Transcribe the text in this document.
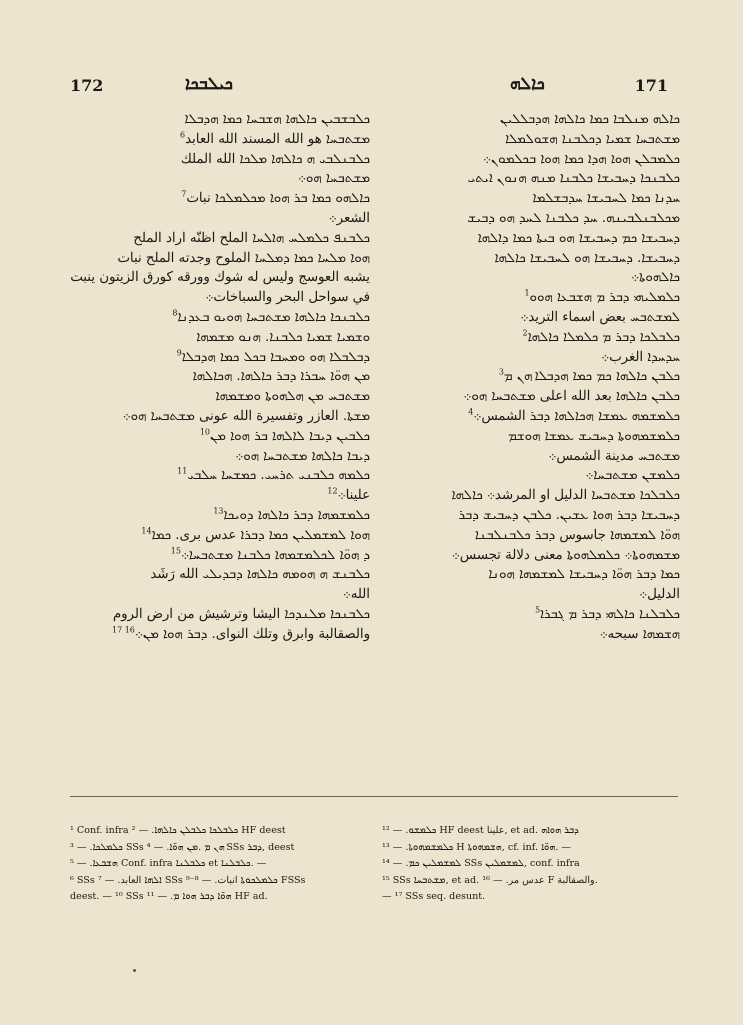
172	ܟܝܠܒܟܐ	ܟܐܠܗ	171
ܟܠܒܫܒܝܢ ܟܐܠܗܐ ܗܫܒܚܐ ܟܡܐ ܗܕܒܠܐ
ܡܫܬܒܚܐ هو الله المسند الله العابد$^6$
ܟܠܒܢܠܒܝ ܗ ܟܐܠܗܐ ܡܠܟܐ الله الملك
ܡܫܬܒܚܐ ܗܘ܀
ܟܐܠܗܘ ܟܡܐ ܒܪ ܗܘܐ ܡܟܠܡܠܟܐ نبات$^7$
الشعر܀
ܟܠܒܢܦ ܟܠܡܠܚ ܗܐܠܚܐ الملح اظنّه اراد الملح
ܗܘܐ ܡܠܚܐ ܟܡܐ ܕܡܠܚܐ الملوح وجدته الملح نبات
يشبه العوسج وليس له شوك وورقه كورق الزيتون ينبت
في سواحل البحر والسباخات܀
ܟܠܒܢܟܐ ܟܐܠܗܐ ܡܫܬܒܚܐ ܗܘܝܘ ܒܥܕܢܐ$^8$
ܘܫܡܝܐ ܫܡܝܐ ܟܠܒܢܐ. ܗܢܘ ܡܫܡܗܐ
ܕܒܠܒܠܐ ܗܘ ܘܡܚܒܐ ܒܟܠ ܟܡܐ ܗܕܒܠܐ$^9$
ܡܢ ܗܘ̈ܐ ܚܒܪܐ ܕܒܪ ܟܐܠܗܐ. ܗܟܐܠܗܐ
ܡܫܬܒܚ ܡܢ ܗܠܗܘܬܐ ܘܡܫܡܗܐ
ܡܫܬܐ. العازر وتفسيرة الله عونى ܡܫܬܒܚܐ ܗܘ܀
ܟܠܒܝܢ ܕܝܒܐ ܠܐܠܗܐ ܒܪ ܗܘܐ ܡܢ$^{10}$
ܕܝܒܐ ܟܐܠܗܐ ܡܫܬܒܚܐ ܗܘ܀
ܟܠܡܗ ܟܠܒܢܝ ܬܪܚܝ. ܟܡܫܚܐ ܚܠܒܝ$^{11}$
علينا܀$^{12}$
ܟܠܡܫܡܗܐ ܕܒܪ ܟܐܠܗܐ ܕܘܝܟܐ$^{13}$
ܗܘܐ ܠܡܫܡܠܝܢ ܟܡܐ ܕܒܪܐ عدس برى. ܟܡܐ$^{14}$
ܕ ܗܘ̈ܐ ܠܟܠܡܫܡܗܐ ܟܠܒܢܐ ܡܫܬܒܚܐ܀$^{15}$
ܟܠܒܢܫ ܗ ܗܘܡܗ ܟܐܠܗܐ ܕܒܕܝܠܝ الله رَشَد
الله܀
ܟܠܒܢܟܐ ܡܠܢܕܟܐ اليشا وترشيش من ارض الروم
والصقالبة وابرق وتلك النواى. ܕܒܪ ܗܘܐ ܡܢ܀$^{16 17}$
ܟܐܠܗ ܡܢܠܒܐ ܟܡܐ ܟܐܠܗܐ ܗܕܒܠܠܝܢ
ܡܫܬܒܚܐ ܫܡܝܐ ܕܟܠܒܢܐ ܗܫܘܠܡܠܐ
ܟܠܡܒܠܢ ܗܘܐ ܗܕܐ ܟܡܐ ܗܘܐ ܒܟܠܡܘܢ܀
ܟܠܒܢܟܐ ܕܚܒܝܫܐ ܟܠܒܢܐ ܡܢܗ ܗܢܘܢ ܐܝܬܝ
ܚܕܢܐ ܟܡܐ ܠܚܒܝܫܐ ܚܕܒܫܠܡܐ
ܡܟܠܒܢܠܒܝܢܗ. ܚܕ ܟܠܒܢܐ ܠܚܕ ܗܘ ܕܒܝܫ
ܕܚܒܝܫܐ ܟܡ ܕܚܒܝܫܐ ܗܘ ܒܝܬܐ ܟܡܐ ܕܐܠܗܐ
ܕܚܒܝܫܐ. ܕܚܒܝܫܐ ܗܘ ܠܚܒܝܫܐ ܟܐܠܗܐ
ܟܐܠܗܘܬܐ܀
ܟܠܡܠܝܗܝ ܕܒܪ ܡ ܗܫܒܥܐ ܗܘܘ$^1$
ܠܡܫܬܒܚ بعض اسماء التريد܀
ܟܠܒܠܟܐ ܕܒܪ ܡ ܟܠܡܠܐ ܟܐܠܗܐ$^2$
ܚܕܚܕܐ الغرب܀
ܟܠܒܢ ܟܐܠܗܐ ܟܡ ܟܡܐ ܗܕܒܠܐ ܗܢ ܡ$^3$
ܟܠܒܢ ܟܐܠܗܐ بعد الله اعلى ܡܫܬܒܚܐ ܗܘ܀
ܟܠܡܫܡܗ ܥܡܫܐ ܗܟܐܠܗܐ ܕܒܪ الشمس܀$^4$
ܟܠܡܫܡܗܘܬܐ ܕܚܒܝܫ ܥܡܫܐ ܗܘܫܡ
ܡܫܬܒܚ مدينة الشمس܀
ܟܠܡܫܢ ܡܫܬܒܚܐ܀
ܟܠܒܠܟܐ ܡܫܬܒܚܐ الدليل او المرشد܀ ܟܐܠܗܐ
ܕܚܒܝܫܐ ܕܒܪ ܗܘܐ ܥܫܝܢ. ܟܠܒܢ ܕܚܒܝܫ ܕܒܪ
ܗܘ̈ܐ ܠܡܫܡܗܐ جاسوس ܕܒܪ ܟܠܒܢܠܒܢܐ
ܡܫܡܗܘܬܐ܀ ܟܠܡܠܗܘܬܐ معنى دلالة تجسس܀
ܟܡܐ ܕܒܪ ܗܘ̈ܐ ܕܚܒܝܫܐ ܠܡܫܡܗܐ ܗܘܢܐ
الدليل܀
ܟܠܒܠܢܐ ܟܐܠܗܝ ܕܒܪ ܡ ܓܒܪܐ$^5$
ܗܫܡܗܐ سبحه܀
¹ Conf. infra ܟܠܒܠܟܐ ܟܠܒܠܢ ܟܐܠܗܐ. — ² HF deest
ܟܠܡܠܟܐ. — ³ SSs ܗܢ ܡ .ܡܢ ܗܘ̈ܐ. — ⁴ SSs ܕܒܪ, deest
ܗܫܒܥܐ. — ⁵ Conf. infra ܟܠܒܠܢܐ et ܟܠܒܠܢܐ. —
⁶ SSs ܐܠܗܐ العابد. — ⁷ SSs ܟܠܡܠܟܘܬܐ انبات. — ⁸⁻⁹ FSSs
deest. — ¹⁰ SSs ܗܘ̈ܐ ܕܒܪ ܗܘܐ ܡ. — ¹¹ HF ad.
ܟܠܡܫܘ. — ¹² HF deest علينا, et ad. ܕܒܪ ܗܘܐܗ
ܟܠܡܫܡܗܘܬܐ. — ¹³ H ܗܫܡܗܘܬܐ, cf. inf. ܗܘ̈ܐ. —
ܠܡܫܡܠܝܢ ܟܡ. — ¹⁴ SSs ܠܡܫܡܠܝܢ, conf. infra
¹⁵ SSs ܡܫܬܒܚܐ, et ad. عدس مر. — ¹⁶ F والصقالبة.
— ¹⁷ SSs seq. desunt.
